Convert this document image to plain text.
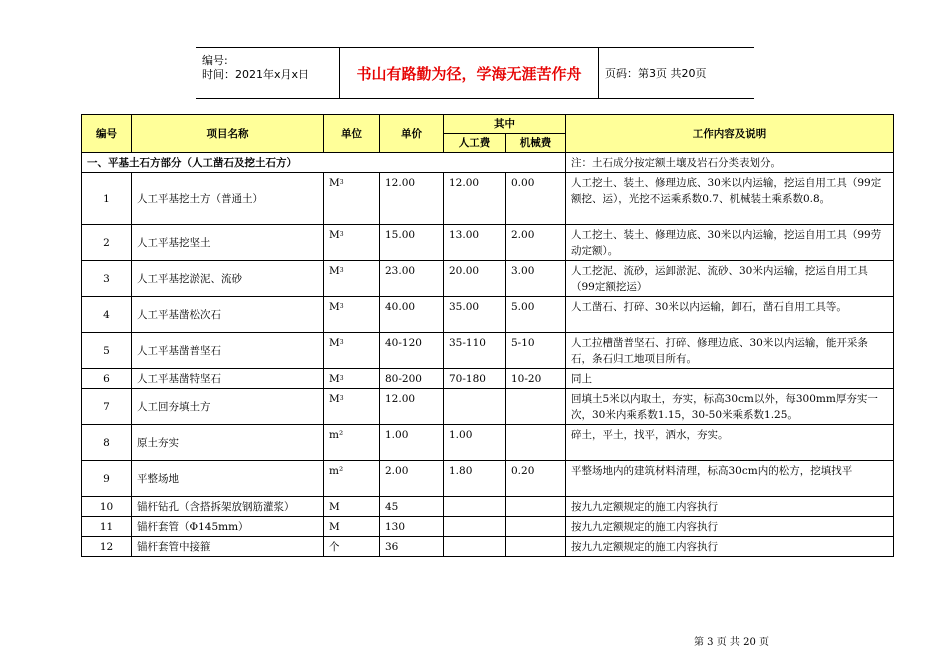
编号:
时间：2021年x月x日	书山有路勤为径，学海无涯苦作舟	页码：第3页 共20页
编号	项目名称	单位	单价	其中		工作内容及说明
				人工费	机械费	
一、平基土石方部分（人工凿石及挖土石方）						注：土石成分按定额土壤及岩石分类表划分。
1	人工平基挖土方（普通土）	$M^3$	12.00	12.00	0.00	人工挖土、装土、修理边底、30米以内运输，挖运自用工具（99定额挖、运），光挖不运乘系数0.7、机械装土乘系数0.8。
2	人工平基挖坚土	$M^3$	15.00	13.00	2.00	人工挖土、装土、修理边底、30米以内运输，挖运自用工具（99劳动定额）。
3	人工平基挖淤泥、流砂	$M^3$	23.00	20.00	3.00	人工挖泥、流砂，运卸淤泥、流砂、30米内运输，挖运自用工具（99定额挖运）
4	人工平基凿松次石	$M^3$	40.00	35.00	5.00	人工凿石、打碎、30米以内运输，卸石，凿石自用工具等。
5	人工平基凿普坚石	$M^3$	40-120	35-110	5-10	人工拉槽凿普坚石、打碎、修理边底、30米以内运输，能开采条石，条石归工地项目所有。
6	人工平基凿特坚石	$M^3$	80-200	70-180	10-20	同上
7	人工回夯填土方	$M^3$	12.00			回填土5米以内取土，夯实，标高30cm以外，每300mm厚夯实一次，30米内乘系数1.15，30-50米乘系数1.25。
8	原土夯实	m²	1.00	1.00		碎土，平土，找平，洒水，夯实。
9	平整场地	m²	2.00	1.80	0.20	平整场地内的建筑材料清理，标高30cm内的松方，挖填找平
10	锚杆钻孔（含搭拆架放钢筋灌浆）	M	45			按九九定额规定的施工内容执行
11	锚杆套管（Φ145mm）	M	130			按九九定额规定的施工内容执行
12	锚杆套管中接箍	个	36			按九九定额规定的施工内容执行
第 3 页 共 20 页
